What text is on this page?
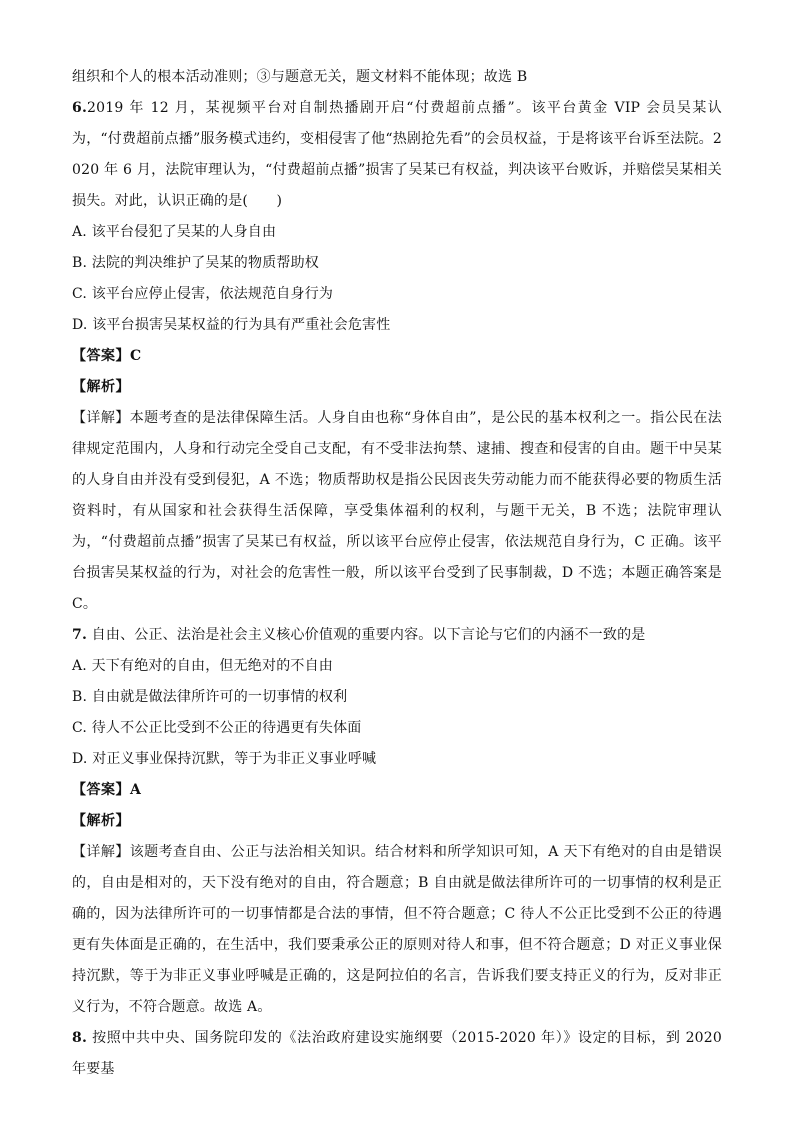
组织和个人的根本活动准则；③与题意无关，题文材料不能体现；故选 B

6.2019 年 12 月，某视频平台对自制热播剧开启“付费超前点播”。该平台黄金 VIP 会员吴某认为，“付费超前点播”服务模式违约，变相侵害了他“热剧抢先看”的会员权益，于是将该平台诉至法院。2020 年 6 月，法院审理认为，“付费超前点播”损害了吴某已有权益，判决该平台败诉，并赔偿吴某相关损失。对此，认识正确的是(　　)

A. 该平台侵犯了吴某的人身自由

B. 法院的判决维护了吴某的物质帮助权

C. 该平台应停止侵害，依法规范自身行为

D. 该平台损害吴某权益的行为具有严重社会危害性

【答案】C

【解析】

【详解】本题考查的是法律保障生活。人身自由也称“身体自由”，是公民的基本权利之一。指公民在法律规定范围内，人身和行动完全受自己支配，有不受非法拘禁、逮捕、搜查和侵害的自由。题干中吴某的人身自由并没有受到侵犯，A 不选；物质帮助权是指公民因丧失劳动能力而不能获得必要的物质生活资料时，有从国家和社会获得生活保障，享受集体福利的权利，与题干无关，B 不选；法院审理认为，“付费超前点播”损害了吴某已有权益，所以该平台应停止侵害，依法规范自身行为，C 正确。该平台损害吴某权益的行为，对社会的危害性一般，所以该平台受到了民事制裁，D 不选；本题正确答案是 C。

7. 自由、公正、法治是社会主义核心价值观的重要内容。以下言论与它们的内涵不一致的是

A. 天下有绝对的自由，但无绝对的不自由

B. 自由就是做法律所许可的一切事情的权利

C. 待人不公正比受到不公正的待遇更有失体面

D. 对正义事业保持沉默，等于为非正义事业呼喊

【答案】A

【解析】

【详解】该题考查自由、公正与法治相关知识。结合材料和所学知识可知，A 天下有绝对的自由是错误的，自由是相对的，天下没有绝对的自由，符合题意；B 自由就是做法律所许可的一切事情的权利是正确的，因为法律所许可的一切事情都是合法的事情，但不符合题意；C 待人不公正比受到不公正的待遇更有失体面是正确的，在生活中，我们要秉承公正的原则对待人和事，但不符合题意；D 对正义事业保持沉默，等于为非正义事业呼喊是正确的，这是阿拉伯的名言，告诉我们要支持正义的行为，反对非正义行为，不符合题意。故选 A。

8. 按照中共中央、国务院印发的《法治政府建设实施纲要（2015-2020 年）》设定的目标，到 2020 年要基
